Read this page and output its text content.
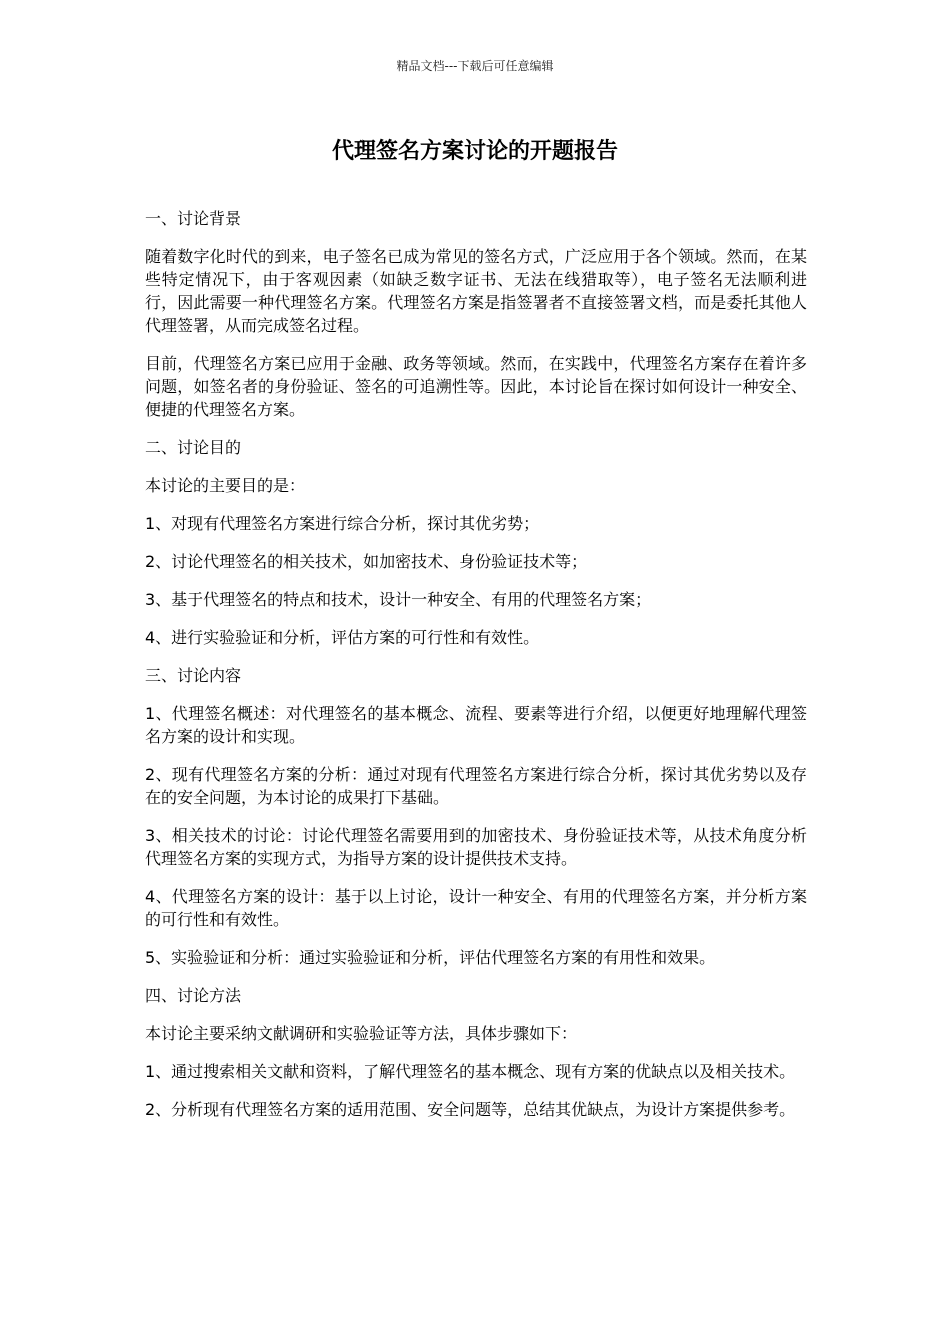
精品文档---下载后可任意编辑
代理签名方案讨论的开题报告

一、讨论背景

随着数字化时代的到来，电子签名已成为常见的签名方式，广泛应用于各个领域。然而，在某些特定情况下，由于客观因素（如缺乏数字证书、无法在线猎取等），电子签名无法顺利进行，因此需要一种代理签名方案。代理签名方案是指签署者不直接签署文档，而是委托其他人代理签署，从而完成签名过程。

目前，代理签名方案已应用于金融、政务等领域。然而，在实践中，代理签名方案存在着许多问题，如签名者的身份验证、签名的可追溯性等。因此，本讨论旨在探讨如何设计一种安全、便捷的代理签名方案。

二、讨论目的

本讨论的主要目的是：

1、对现有代理签名方案进行综合分析，探讨其优劣势；

2、讨论代理签名的相关技术，如加密技术、身份验证技术等；

3、基于代理签名的特点和技术，设计一种安全、有用的代理签名方案；

4、进行实验验证和分析，评估方案的可行性和有效性。

三、讨论内容

1、代理签名概述：对代理签名的基本概念、流程、要素等进行介绍，以便更好地理解代理签名方案的设计和实现。

2、现有代理签名方案的分析：通过对现有代理签名方案进行综合分析，探讨其优劣势以及存在的安全问题，为本讨论的成果打下基础。

3、相关技术的讨论：讨论代理签名需要用到的加密技术、身份验证技术等，从技术角度分析代理签名方案的实现方式，为指导方案的设计提供技术支持。

4、代理签名方案的设计：基于以上讨论，设计一种安全、有用的代理签名方案，并分析方案的可行性和有效性。

5、实验验证和分析：通过实验验证和分析，评估代理签名方案的有用性和效果。

四、讨论方法

本讨论主要采纳文献调研和实验验证等方法，具体步骤如下：

1、通过搜索相关文献和资料，了解代理签名的基本概念、现有方案的优缺点以及相关技术。

2、分析现有代理签名方案的适用范围、安全问题等，总结其优缺点，为设计方案提供参考。
